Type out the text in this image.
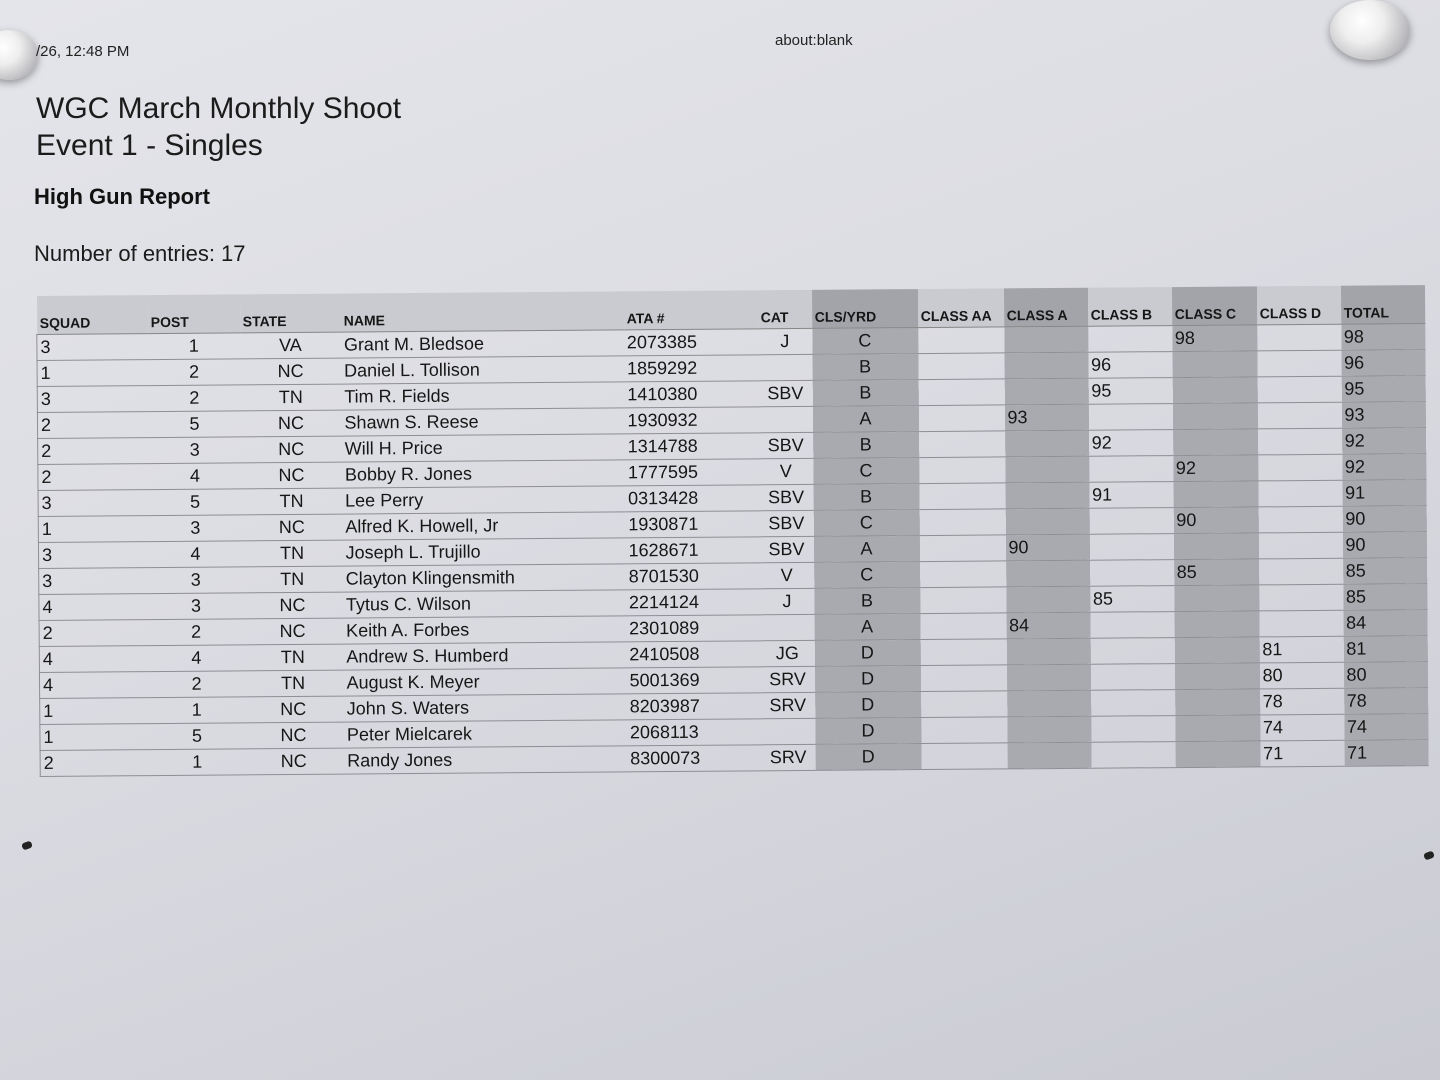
/26, 12:48 PM
about:blank
WGC March Monthly Shoot
Event 1 - Singles
High Gun Report
Number of entries: 17
SQUAD	POST	STATE	NAME	ATA #	CAT	CLS/YRD	CLASS AA	CLASS A	CLASS B	CLASS C	CLASS D	TOTAL
3	1	VA	Grant M. Bledsoe	2073385	J	C				98		98
1	2	NC	Daniel L. Tollison	1859292		B			96			96
3	2	TN	Tim R. Fields	1410380	SBV	B			95			95
2	5	NC	Shawn S. Reese	1930932		A		93				93
2	3	NC	Will H. Price	1314788	SBV	B			92			92
2	4	NC	Bobby R. Jones	1777595	V	C				92		92
3	5	TN	Lee Perry	0313428	SBV	B			91			91
1	3	NC	Alfred K. Howell, Jr	1930871	SBV	C				90		90
3	4	TN	Joseph L. Trujillo	1628671	SBV	A		90				90
3	3	TN	Clayton Klingensmith	8701530	V	C				85		85
4	3	NC	Tytus C. Wilson	2214124	J	B			85			85
2	2	NC	Keith A. Forbes	2301089		A		84				84
4	4	TN	Andrew S. Humberd	2410508	JG	D					81	81
4	2	TN	August K. Meyer	5001369	SRV	D					80	80
1	1	NC	John S. Waters	8203987	SRV	D					78	78
1	5	NC	Peter Mielcarek	2068113		D					74	74
2	1	NC	Randy Jones	8300073	SRV	D					71	71
